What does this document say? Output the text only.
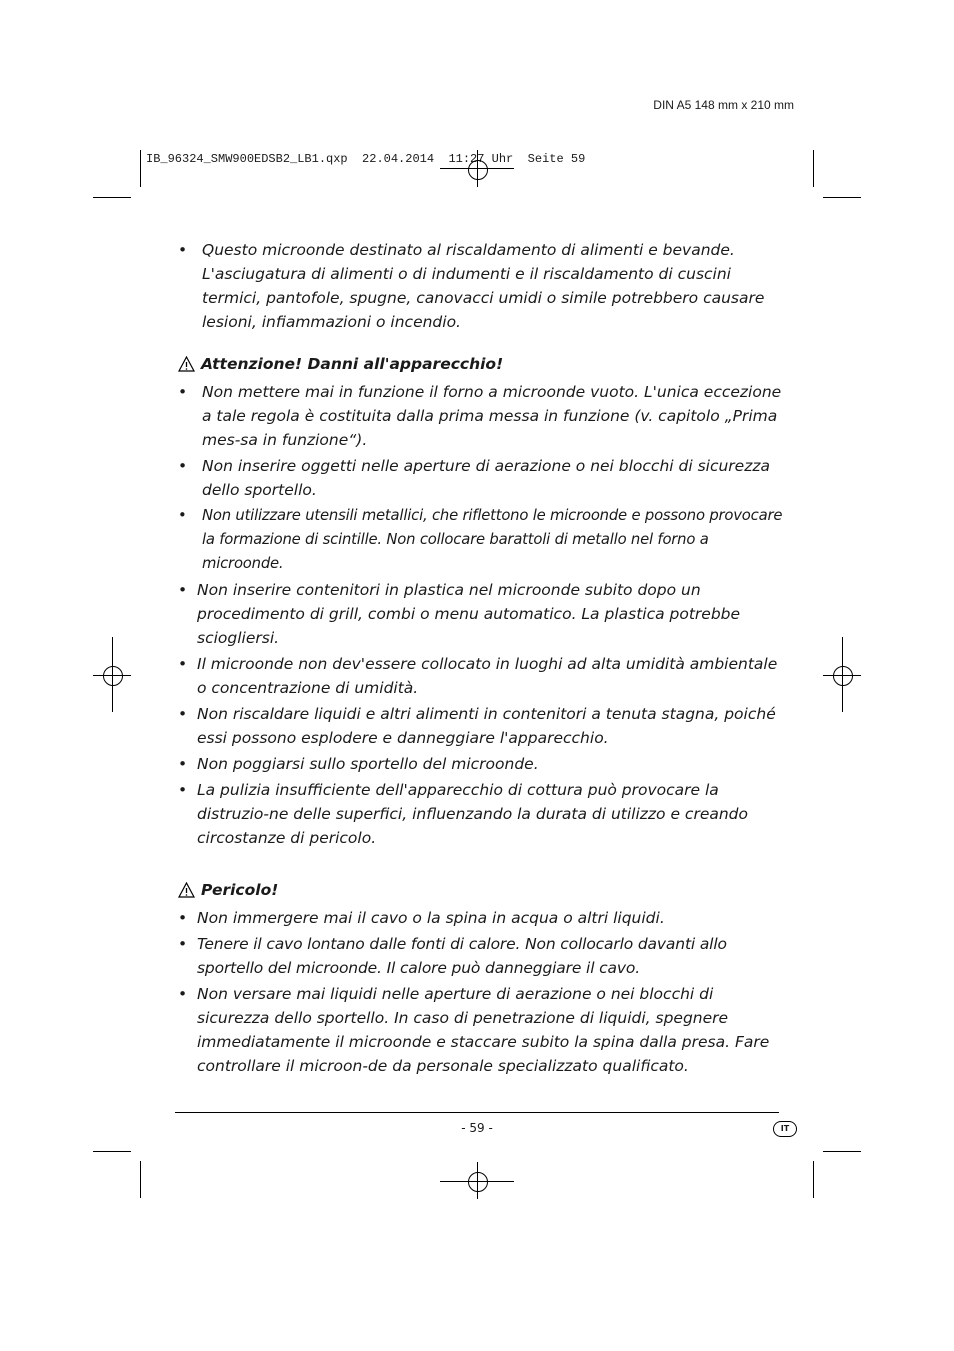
DIN A5 148 mm x 210 mm
IB_96324_SMW900EDSB2_LB1.qxp  22.04.2014  11:27 Uhr  Seite 59
• Questo microonde destinato al riscaldamento di alimenti e bevande. L'asciugatura di alimenti o di indumenti e il riscaldamento di cuscini termici, pantofole, spugne, canovacci umidi o simile potrebbero causare lesioni, infiammazioni o incendio.
Attenzione! Danni all'apparecchio!
• Non mettere mai in funzione il forno a microonde vuoto. L'unica eccezione a tale regola è costituita dalla prima messa in funzione (v. capitolo „Prima mes-sa in funzione“).
• Non inserire oggetti nelle aperture di aerazione o nei blocchi di sicurezza dello sportello.
• Non utilizzare utensili metallici, che riflettono le microonde e possono provocare la formazione di scintille. Non collocare barattoli di metallo nel forno a microonde.
• Non inserire contenitori in plastica nel microonde subito dopo un procedimento di grill, combi o menu automatico. La plastica potrebbe sciogliersi.
• Il microonde non dev'essere collocato in luoghi ad alta umidità ambientale o concentrazione di umidità.
• Non riscaldare liquidi e altri alimenti in contenitori a tenuta stagna, poiché essi possono esplodere e danneggiare l'apparecchio.
• Non poggiarsi sullo sportello del microonde.
• La pulizia insufficiente dell'apparecchio di cottura può provocare la distruzio-ne delle superfici, influenzando la durata di utilizzo e creando circostanze di pericolo.
Pericolo!
• Non immergere mai il cavo o la spina in acqua o altri liquidi.
• Tenere il cavo lontano dalle fonti di calore. Non collocarlo davanti allo sportello del microonde. Il calore può danneggiare il cavo.
• Non versare mai liquidi nelle aperture di aerazione o nei blocchi di sicurezza dello sportello. In caso di penetrazione di liquidi, spegnere immediatamente il microonde e staccare subito la spina dalla presa. Fare controllare il microon-de da personale specializzato qualificato.
- 59 -	IT
